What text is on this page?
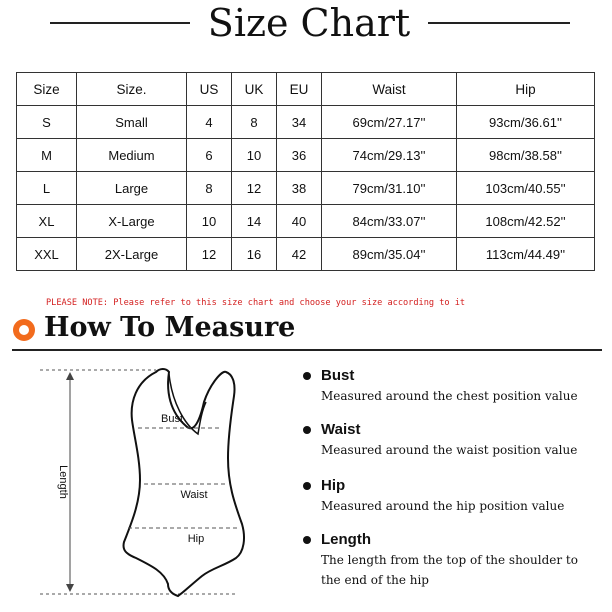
Size Chart
Size	Size.	US	UK	EU	Waist	Hip
S	Small	4	8	34	69cm/27.17''	93cm/36.61''
M	Medium	6	10	36	74cm/29.13''	98cm/38.58''
L	Large	8	12	38	79cm/31.10''	103cm/40.55''
XL	X-Large	10	14	40	84cm/33.07''	108cm/42.52''
XXL	2X-Large	12	16	42	89cm/35.04''	113cm/44.49''
PLEASE NOTE: Please refer to this size chart and choose your size according to it
How To Measure
Length
Bust
Waist
Hip
Bust
Measured around the chest position value
Waist
Measured around the waist position value
Hip
Measured around the hip position value
Length
The length from the top of the shoulder to the end of the hip
